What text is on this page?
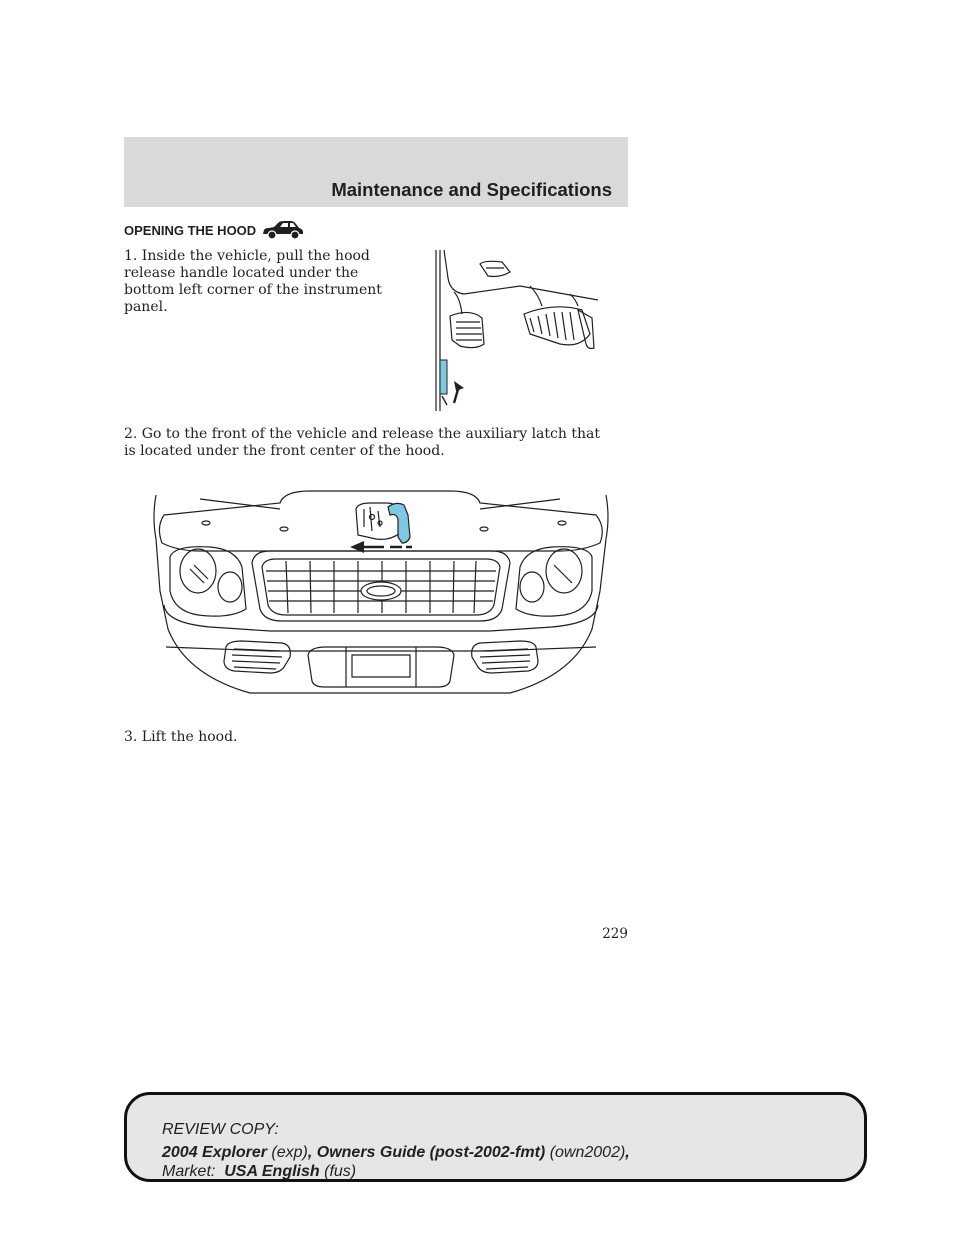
Maintenance and Specifications
OPENING THE HOOD

1. Inside the vehicle, pull the hood release handle located under the bottom left corner of the instrument panel.

2. Go to the front of the vehicle and release the auxiliary latch that is located under the front center of the hood.

3. Lift the hood.

229
REVIEW COPY:
2004 Explorer (exp), Owners Guide (post-2002-fmt) (own2002),
Market: USA English (fus)
